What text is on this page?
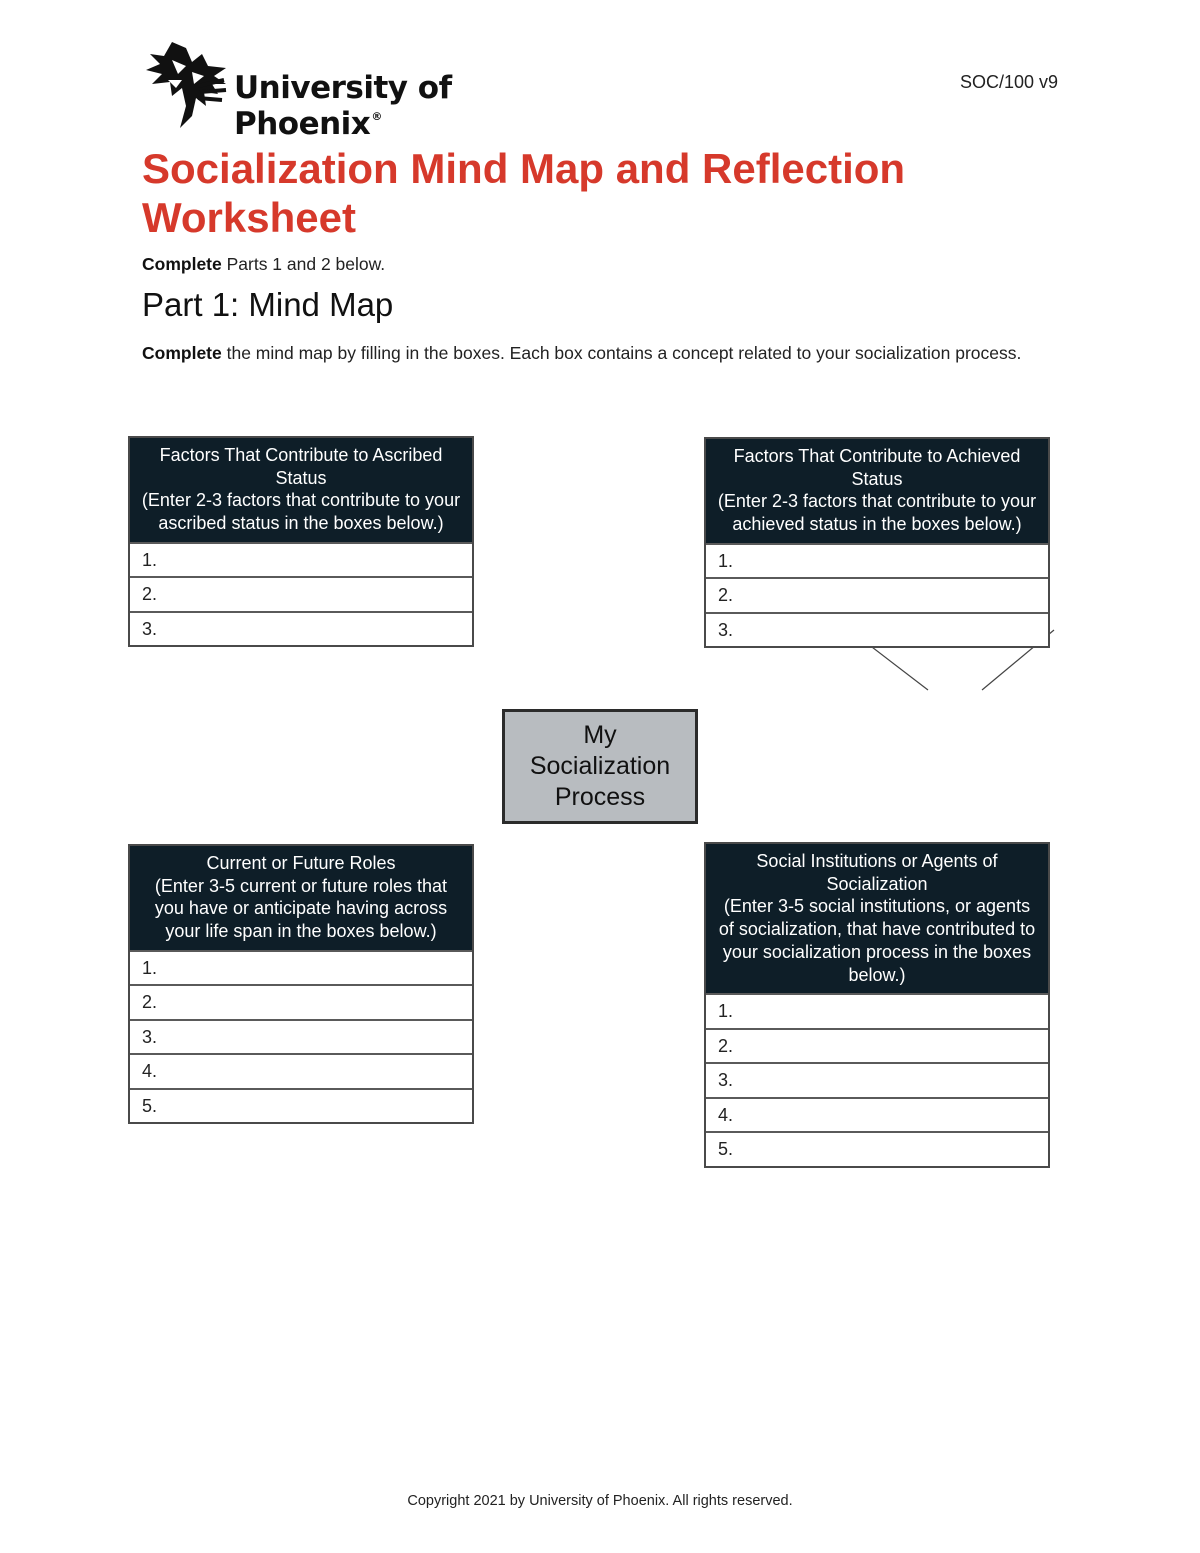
University of Phoenix®
SOC/100 v9
Socialization Mind Map and Reflection Worksheet
Complete Parts 1 and 2 below.
Part 1: Mind Map
Complete the mind map by filling in the boxes. Each box contains a concept related to your socialization process.
Factors That Contribute to Ascribed Status
(Enter 2-3 factors that contribute to your ascribed status in the boxes below.)
1.
2.
3.
Factors That Contribute to Achieved Status
(Enter 2-3 factors that contribute to your achieved status in the boxes below.)
1.
2.
3.
My Socialization Process
Current or Future Roles
(Enter 3-5 current or future roles that you have or anticipate having across your life span in the boxes below.)
1.
2.
3.
4.
5.
Social Institutions or Agents of Socialization
(Enter 3-5 social institutions, or agents of socialization, that have contributed to your socialization process in the boxes below.)
1.
2.
3.
4.
5.
Copyright 2021 by University of Phoenix. All rights reserved.
